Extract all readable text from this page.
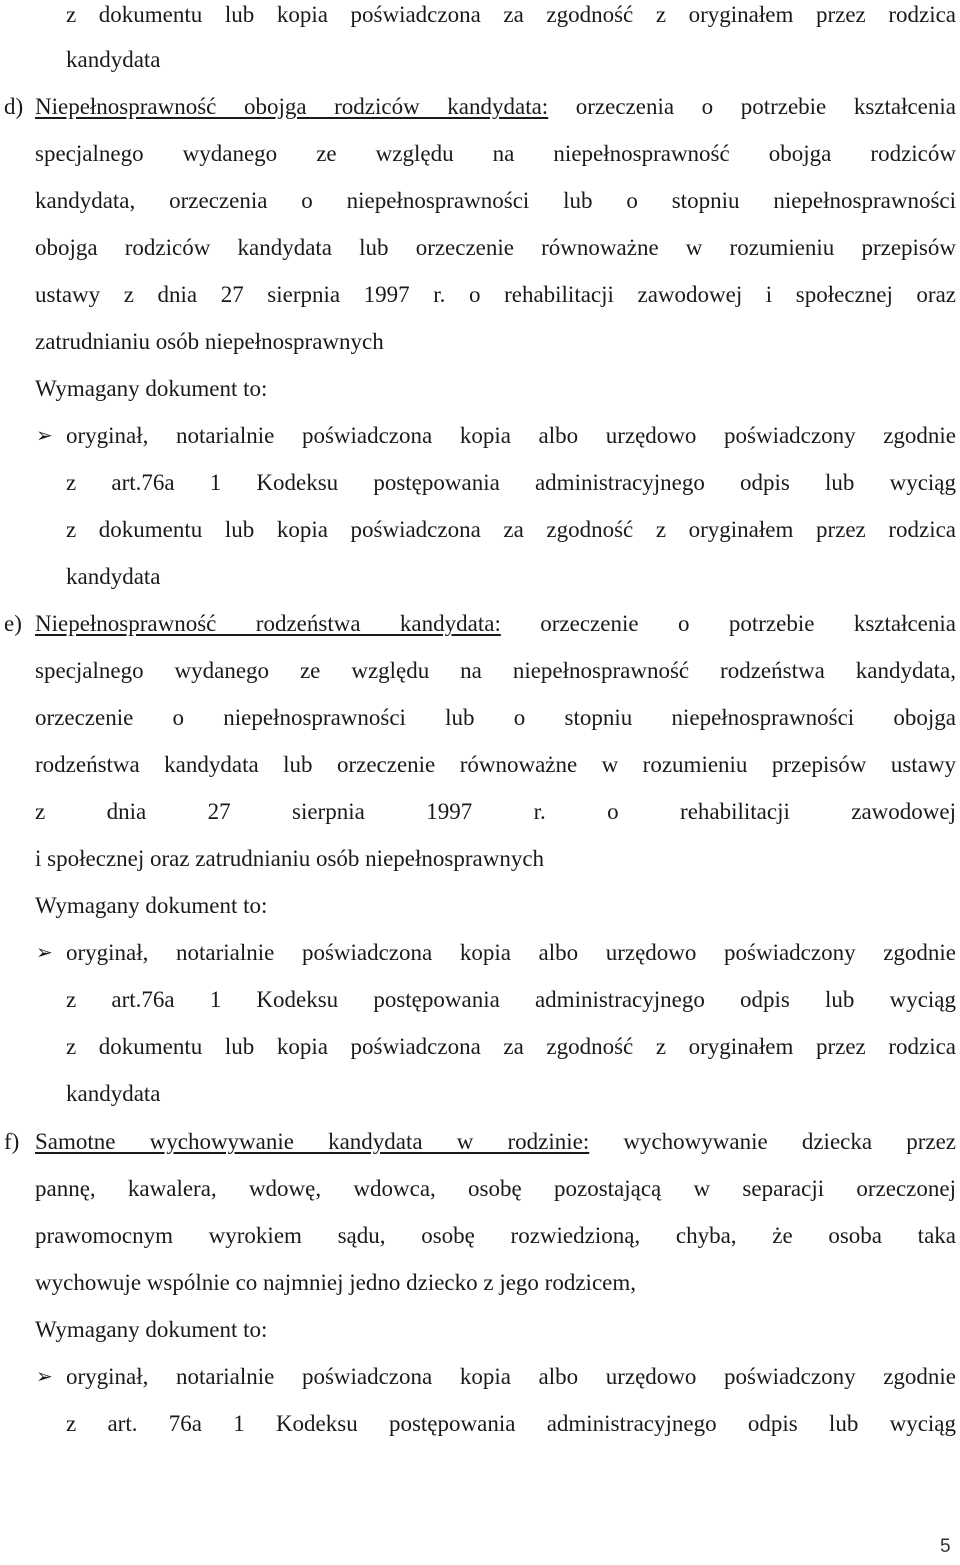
z dokumentu lub kopia poświadczona za zgodność z oryginałem przez rodzica
kandydata
d) Niepełnosprawność obojga rodziców kandydata: orzeczenia o potrzebie kształcenia
specjalnego wydanego ze względu na niepełnosprawność obojga rodziców
kandydata, orzeczenia o niepełnosprawności lub o stopniu niepełnosprawności
obojga rodziców kandydata lub orzeczenie równoważne w rozumieniu przepisów
ustawy z dnia 27 sierpnia 1997 r. o rehabilitacji zawodowej i społecznej oraz
zatrudnianiu osób niepełnosprawnych
Wymagany dokument to:
➢ oryginał, notarialnie poświadczona kopia albo urzędowo poświadczony zgodnie
z art.76a 1 Kodeksu postępowania administracyjnego odpis lub wyciąg
z dokumentu lub kopia poświadczona za zgodność z oryginałem przez rodzica
kandydata
e) Niepełnosprawność rodzeństwa kandydata: orzeczenie o potrzebie kształcenia
specjalnego wydanego ze względu na niepełnosprawność rodzeństwa kandydata,
orzeczenie o niepełnosprawności lub o stopniu niepełnosprawności obojga
rodzeństwa kandydata lub orzeczenie równoważne w rozumieniu przepisów ustawy
z dnia 27 sierpnia 1997 r. o rehabilitacji zawodowej
i społecznej oraz zatrudnianiu osób niepełnosprawnych
Wymagany dokument to:
➢ oryginał, notarialnie poświadczona kopia albo urzędowo poświadczony zgodnie
z art.76a 1 Kodeksu postępowania administracyjnego odpis lub wyciąg
z dokumentu lub kopia poświadczona za zgodność z oryginałem przez rodzica
kandydata
f) Samotne wychowywanie kandydata w rodzinie: wychowywanie dziecka przez
pannę, kawalera, wdowę, wdowca, osobę pozostającą w separacji orzeczonej
prawomocnym wyrokiem sądu, osobę rozwiedzioną, chyba, że osoba taka
wychowuje wspólnie co najmniej jedno dziecko z jego rodzicem,
Wymagany dokument to:
➢ oryginał, notarialnie poświadczona kopia albo urzędowo poświadczony zgodnie
z art. 76a 1 Kodeksu postępowania administracyjnego odpis lub wyciąg
5
